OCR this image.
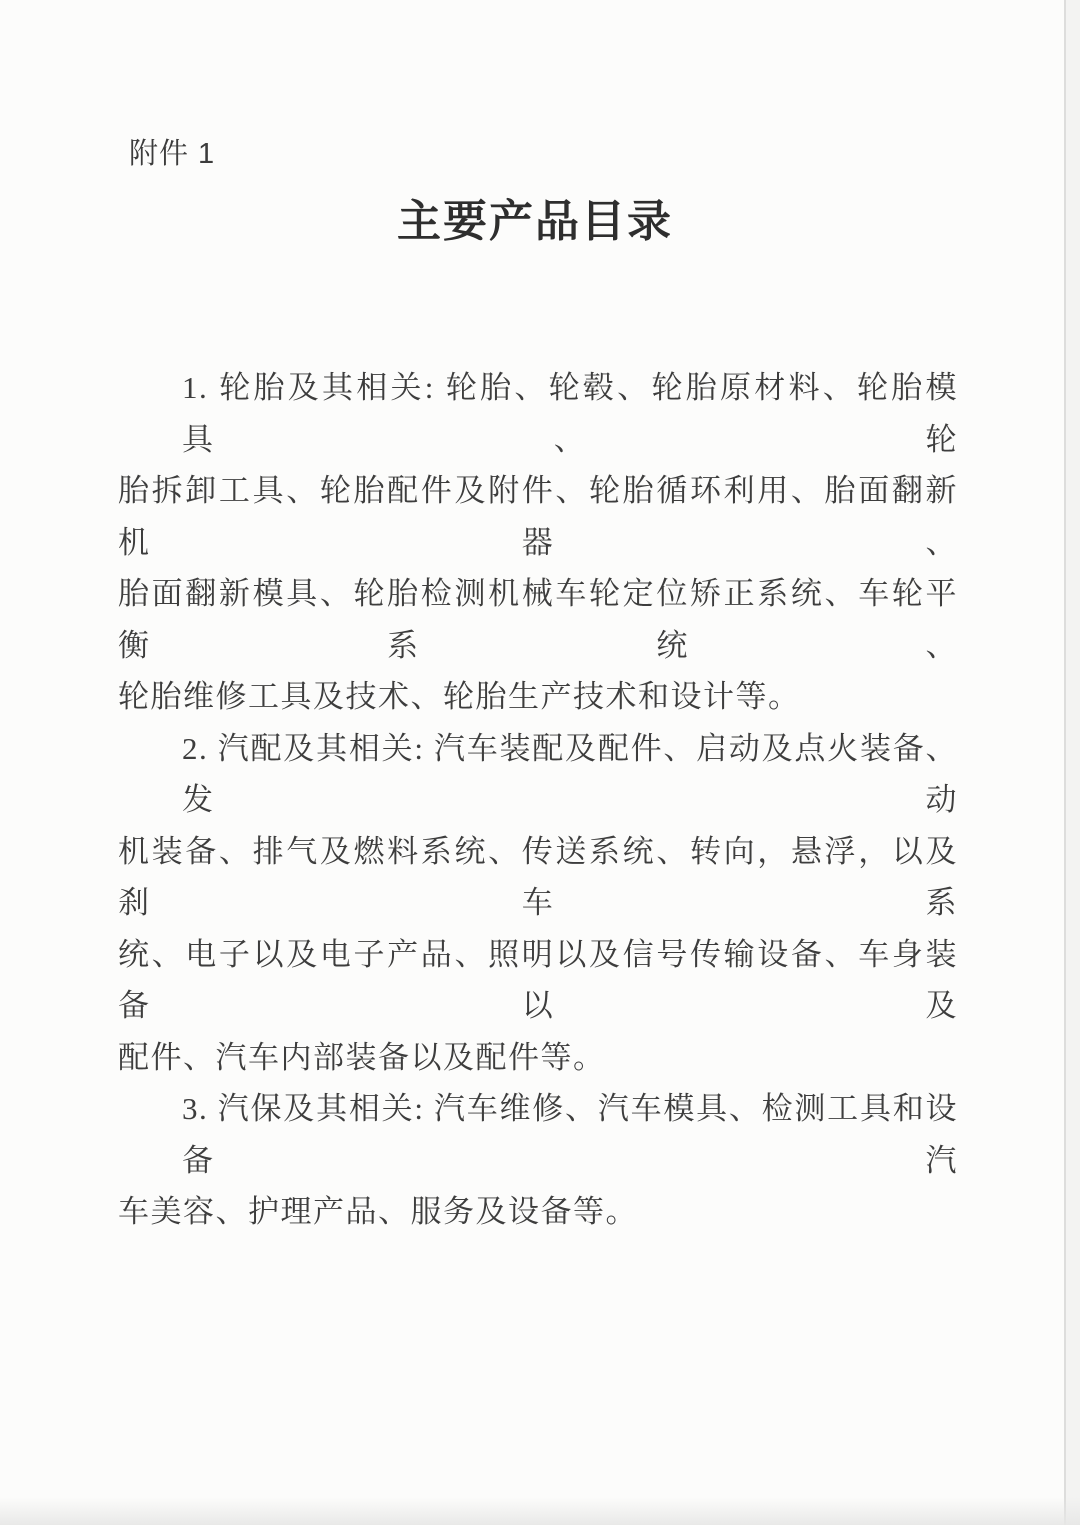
附件 1
主要产品目录
1. 轮胎及其相关: 轮胎、轮毂、轮胎原材料、轮胎模具、轮
胎拆卸工具、轮胎配件及附件、轮胎循环利用、胎面翻新机器、
胎面翻新模具、轮胎检测机械车轮定位矫正系统、车轮平衡系统、
轮胎维修工具及技术、轮胎生产技术和设计等。
2. 汽配及其相关: 汽车装配及配件、启动及点火装备、发动
机装备、排气及燃料系统、传送系统、转向，悬浮，以及刹车系
统、电子以及电子产品、照明以及信号传输设备、车身装备以及
配件、汽车内部装备以及配件等。
3. 汽保及其相关: 汽车维修、汽车模具、检测工具和设备汽
车美容、护理产品、服务及设备等。
